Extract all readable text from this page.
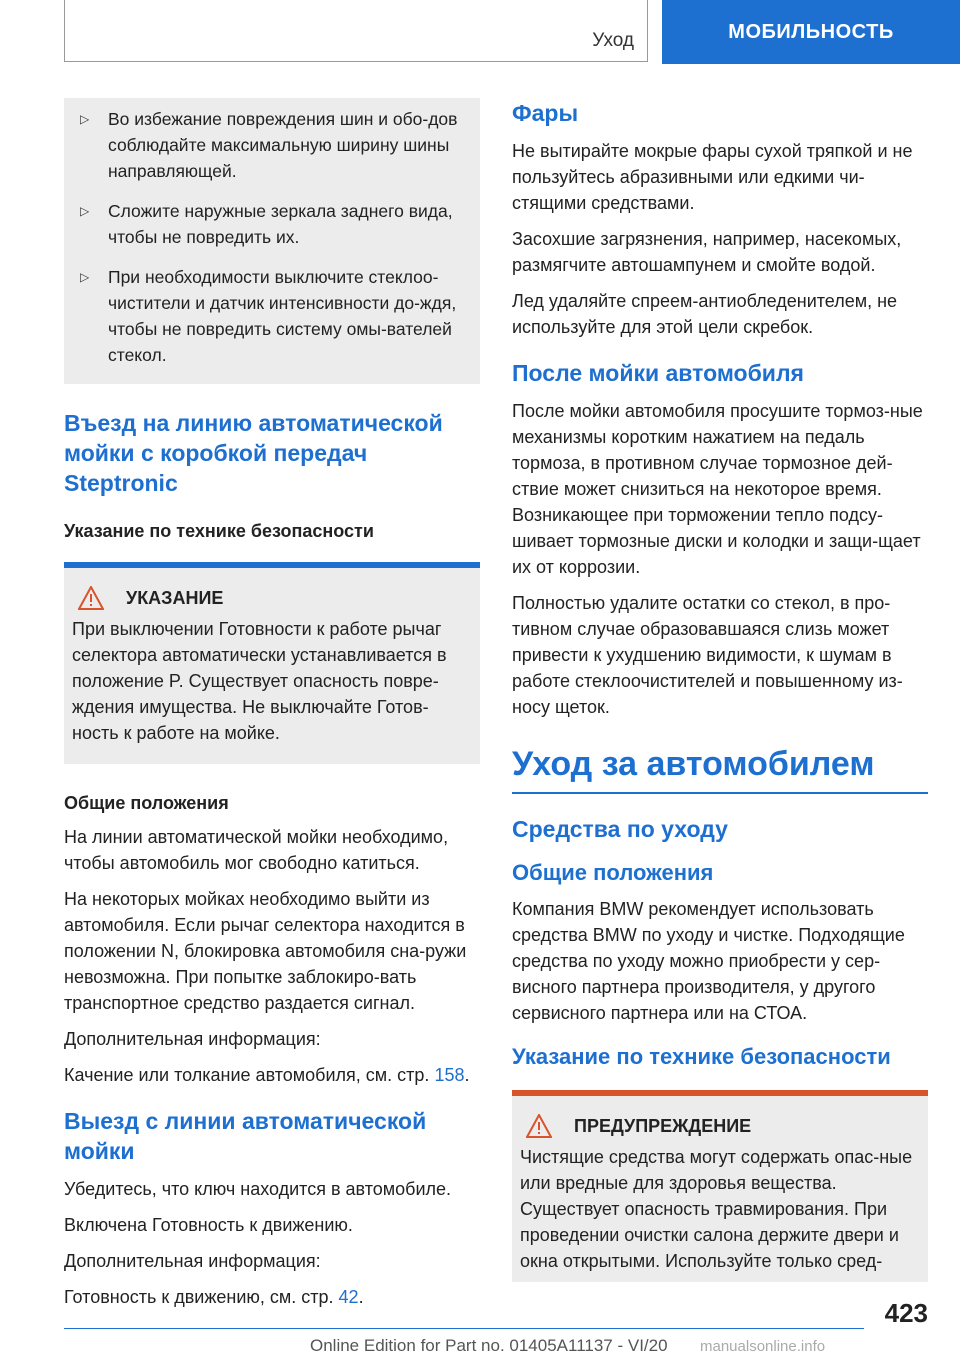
Уход	МОБИЛЬНОСТЬ
▷	Во избежание повреждения шин и обо-дов соблюдайте максимальную ширину шины направляющей.
▷	Сложите наружные зеркала заднего вида, чтобы не повредить их.
▷	При необходимости выключите стеклоо-чистители и датчик интенсивности до-ждя, чтобы не повредить систему омы-вателей стекол.
Въезд на линию автоматической мойки с коробкой передач Steptronic
Указание по технике безопасности
УКАЗАНИЕ
При выключении Готовности к работе рычаг селектора автоматически устанавливается в положение P. Существует опасность повре-ждения имущества. Не выключайте Готов-ность к работе на мойке.
Общие положения
На линии автоматической мойки необходимо, чтобы автомобиль мог свободно катиться.
На некоторых мойках необходимо выйти из автомобиля. Если рычаг селектора находится в положении N, блокировка автомобиля сна-ружи невозможна. При попытке заблокиро-вать транспортное средство раздается сигнал.
Дополнительная информация:
Качение или толкание автомобиля, см. стр. 158.
Выезд с линии автоматической мойки
Убедитесь, что ключ находится в автомобиле.
Включена Готовность к движению.
Дополнительная информация:
Готовность к движению, см. стр. 42.
Фары
Не вытирайте мокрые фары сухой тряпкой и не пользуйтесь абразивными или едкими чи-стящими средствами.
Засохшие загрязнения, например, насекомых, размягчите автошампунем и смойте водой.
Лед удаляйте спреем-антиобледенителем, не используйте для этой цели скребок.
После мойки автомобиля
После мойки автомобиля просушите тормоз-ные механизмы коротким нажатием на педаль тормоза, в противном случае тормозное дей-ствие может снизиться на некоторое время. Возникающее при торможении тепло подсу-шивает тормозные диски и колодки и защи-щает их от коррозии.
Полностью удалите остатки со стекол, в про-тивном случае образовавшаяся слизь может привести к ухудшению видимости, к шумам в работе стеклоочистителей и повышенному из-носу щеток.
Уход за автомобилем
Средства по уходу
Общие положения
Компания BMW рекомендует использовать средства BMW по уходу и чистке. Подходящие средства по уходу можно приобрести у сер-висного партнера производителя, у другого сервисного партнера или на СТОА.
Указание по технике безопасности
ПРЕДУПРЕЖДЕНИЕ
Чистящие средства могут содержать опас-ные или вредные для здоровья вещества. Существует опасность травмирования. При проведении очистки салона держите двери и окна открытыми. Используйте только сред-
423
Online Edition for Part no. 01405A11137 - VI/20 manualsonline.info
